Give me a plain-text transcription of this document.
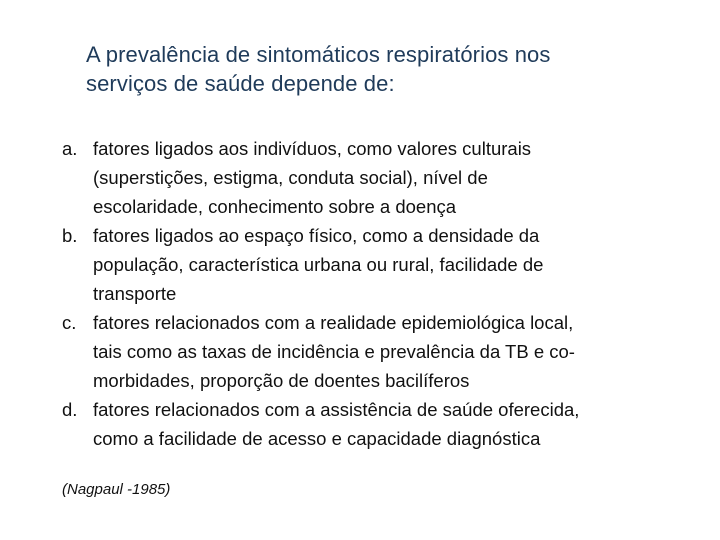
A prevalência de sintomáticos respiratórios nos
serviços de saúde depende de:
a. fatores ligados aos indivíduos, como valores culturais
(superstições, estigma, conduta social), nível de
escolaridade, conhecimento sobre a doença
b. fatores ligados ao espaço físico, como a densidade da
população, característica urbana ou rural, facilidade de
transporte
c. fatores relacionados com a realidade epidemiológica local,
tais como as taxas de incidência e prevalência da TB e co-
morbidades, proporção de doentes bacilíferos
d. fatores relacionados com a assistência de saúde oferecida,
como a facilidade de acesso e capacidade diagnóstica
(Nagpaul -1985)
